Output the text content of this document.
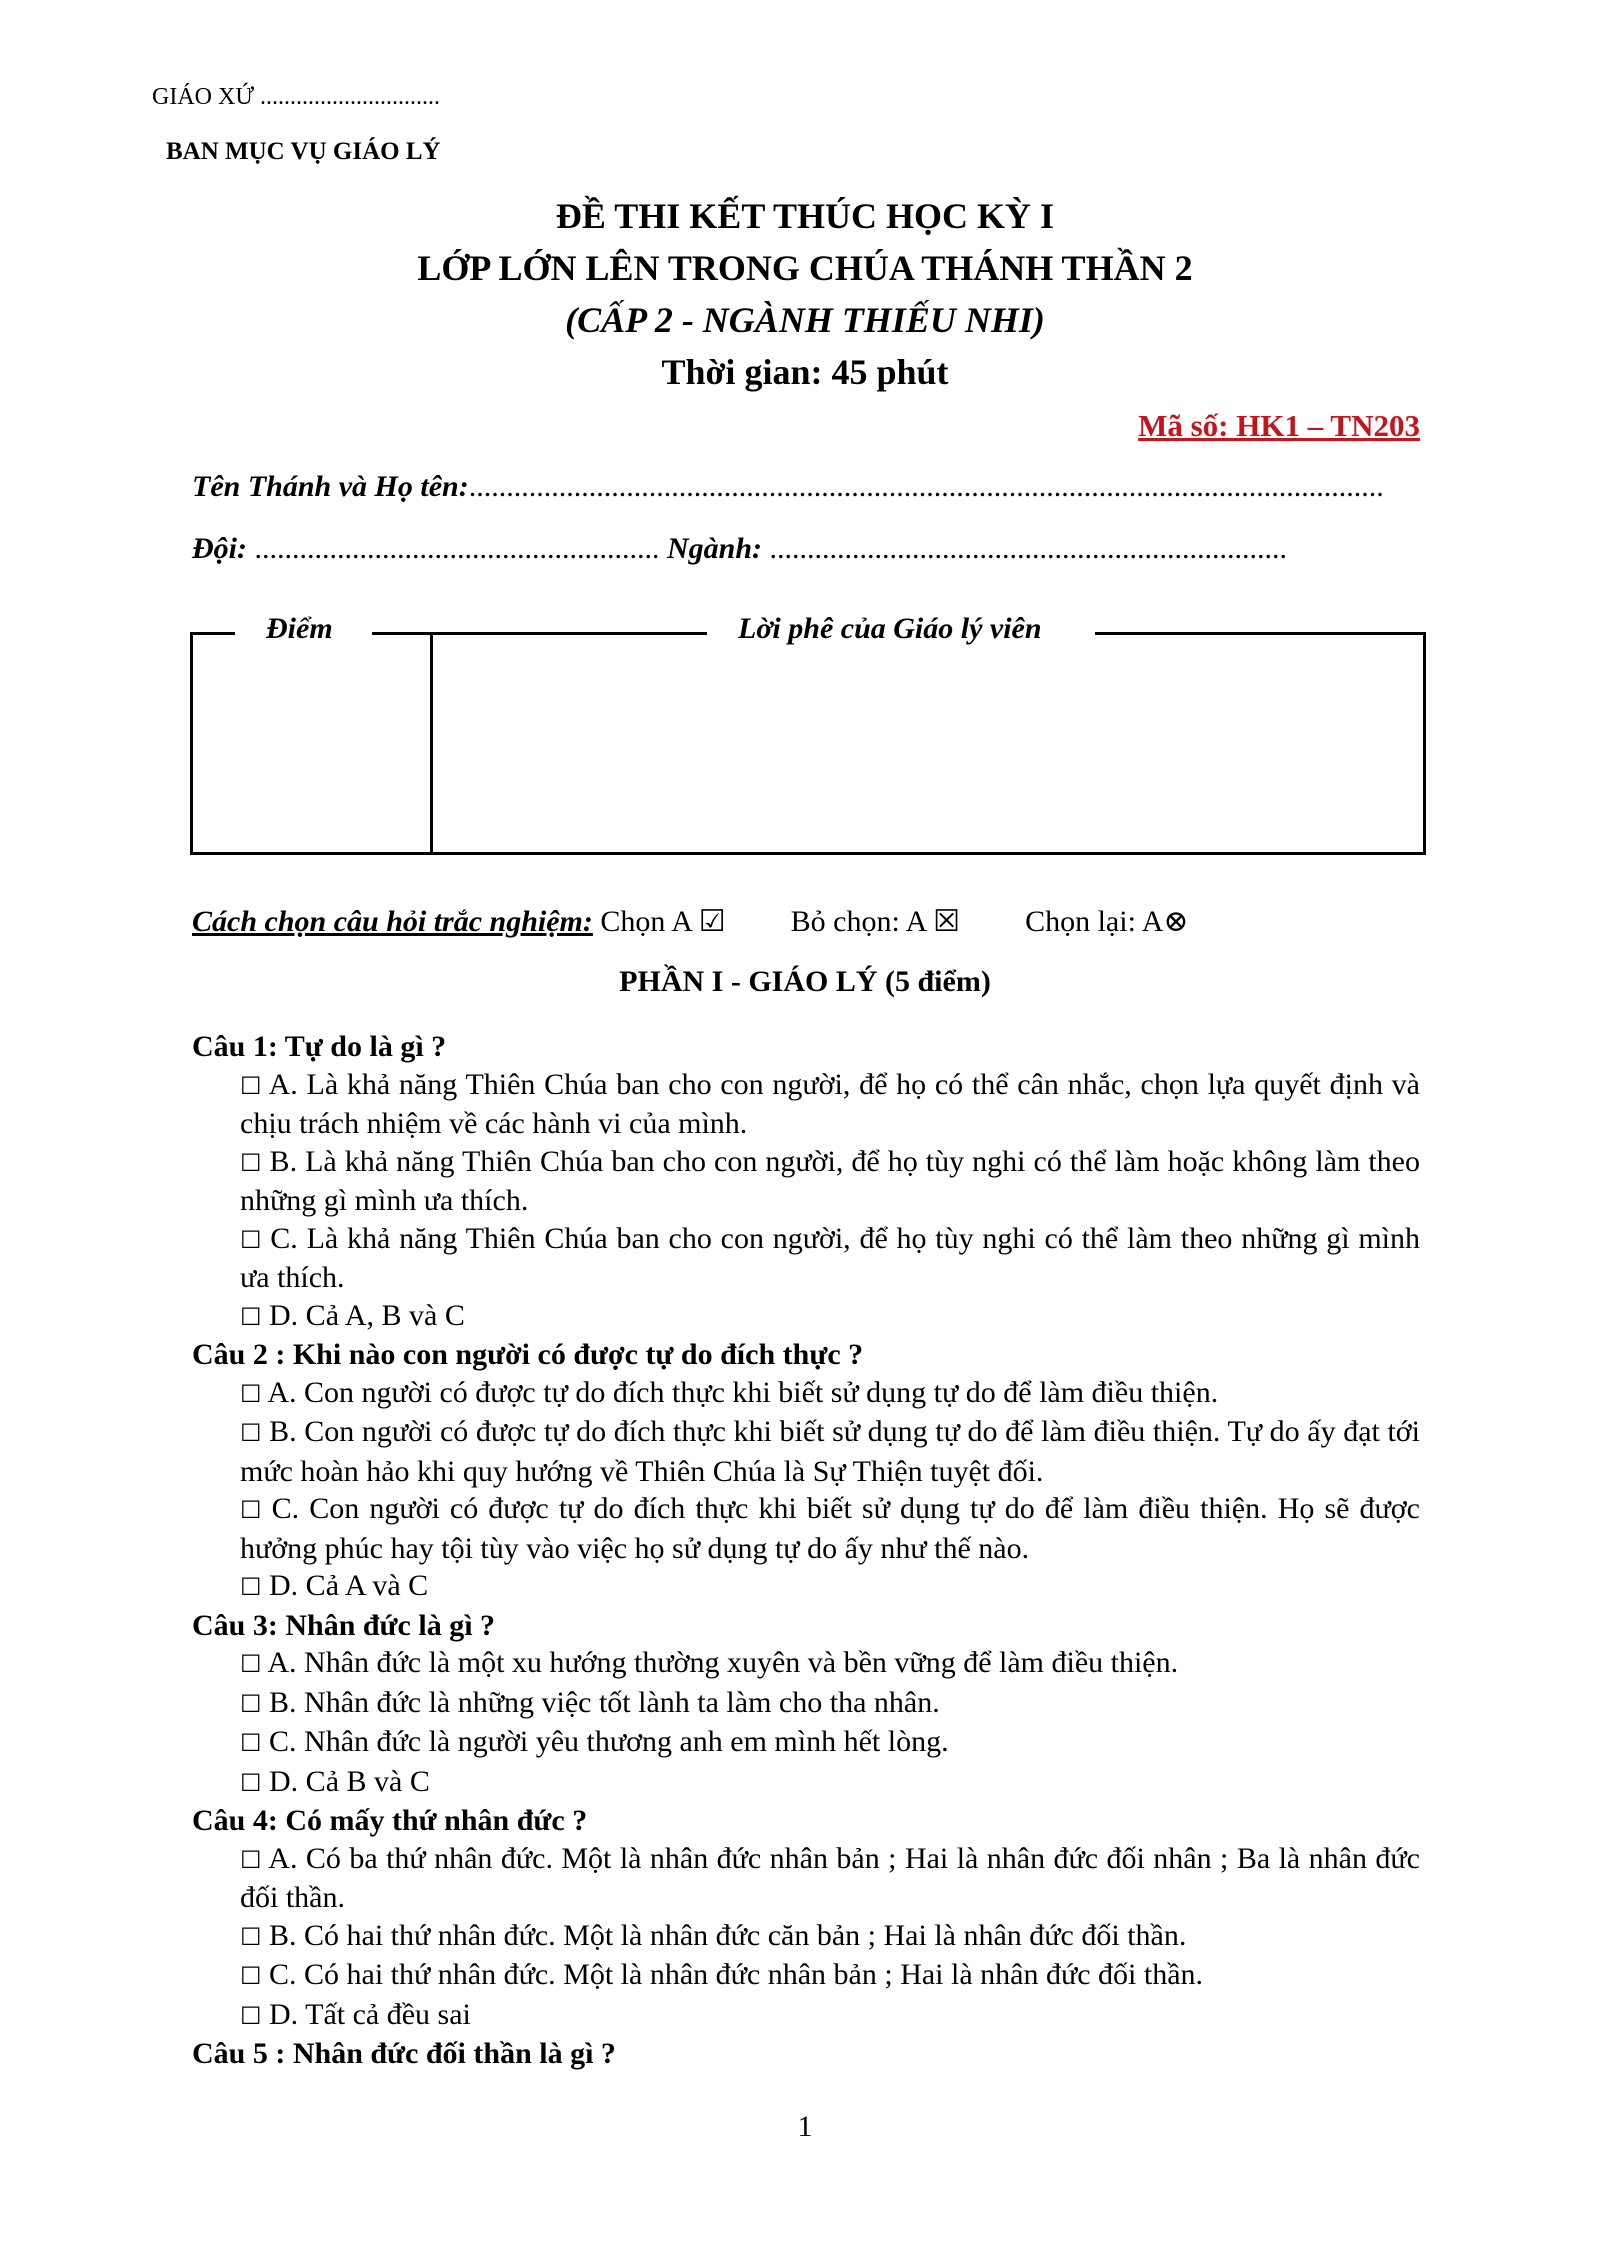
GIÁO XỨ ..............................
BAN MỤC VỤ GIÁO LÝ
ĐỀ THI KẾT THÚC HỌC KỲ I
LỚP LỚN LÊN TRONG CHÚA THÁNH THẦN 2
(CẤP 2 - NGÀNH THIẾU NHI)
Thời gian: 45 phút
Mã số: HK1 – TN203
Tên Thánh và Họ tên:..........................................................................................................................
Đội: ...................................................... Ngành: .....................................................................
Điểm	Lời phê của Giáo lý viên
Cách chọn câu hỏi trắc nghiệm: Chọn A ☑ Bỏ chọn: A ☒ Chọn lại: A⊗
PHẦN I - GIÁO LÝ (5 điểm)
Câu 1: Tự do là gì ?
☐ A. Là khả năng Thiên Chúa ban cho con người, để họ có thể cân nhắc, chọn lựa quyết định và chịu trách nhiệm về các hành vi của mình.
☐ B. Là khả năng Thiên Chúa ban cho con người, để họ tùy nghi có thể làm hoặc không làm theo những gì mình ưa thích.
☐ C. Là khả năng Thiên Chúa ban cho con người, để họ tùy nghi có thể làm theo những gì mình ưa thích.
☐ D. Cả A, B và C
Câu 2 : Khi nào con người có được tự do đích thực ?
☐ A. Con người có được tự do đích thực khi biết sử dụng tự do để làm điều thiện.
☐ B. Con người có được tự do đích thực khi biết sử dụng tự do để làm điều thiện. Tự do ấy đạt tới mức hoàn hảo khi quy hướng về Thiên Chúa là Sự Thiện tuyệt đối.
☐ C. Con người có được tự do đích thực khi biết sử dụng tự do để làm điều thiện. Họ sẽ được hưởng phúc hay tội tùy vào việc họ sử dụng tự do ấy như thế nào.
☐ D. Cả A và C
Câu 3: Nhân đức là gì ?
☐ A. Nhân đức là một xu hướng thường xuyên và bền vững để làm điều thiện.
☐ B. Nhân đức là những việc tốt lành ta làm cho tha nhân.
☐ C. Nhân đức là người yêu thương anh em mình hết lòng.
☐ D. Cả B và C
Câu 4: Có mấy thứ nhân đức ?
☐ A. Có ba thứ nhân đức. Một là nhân đức nhân bản ; Hai là nhân đức đối nhân ; Ba là nhân đức đối thần.
☐ B. Có hai thứ nhân đức. Một là nhân đức căn bản ; Hai là nhân đức đối thần.
☐ C. Có hai thứ nhân đức. Một là nhân đức nhân bản ; Hai là nhân đức đối thần.
☐ D. Tất cả đều sai
Câu 5 : Nhân đức đối thần là gì ?
1
